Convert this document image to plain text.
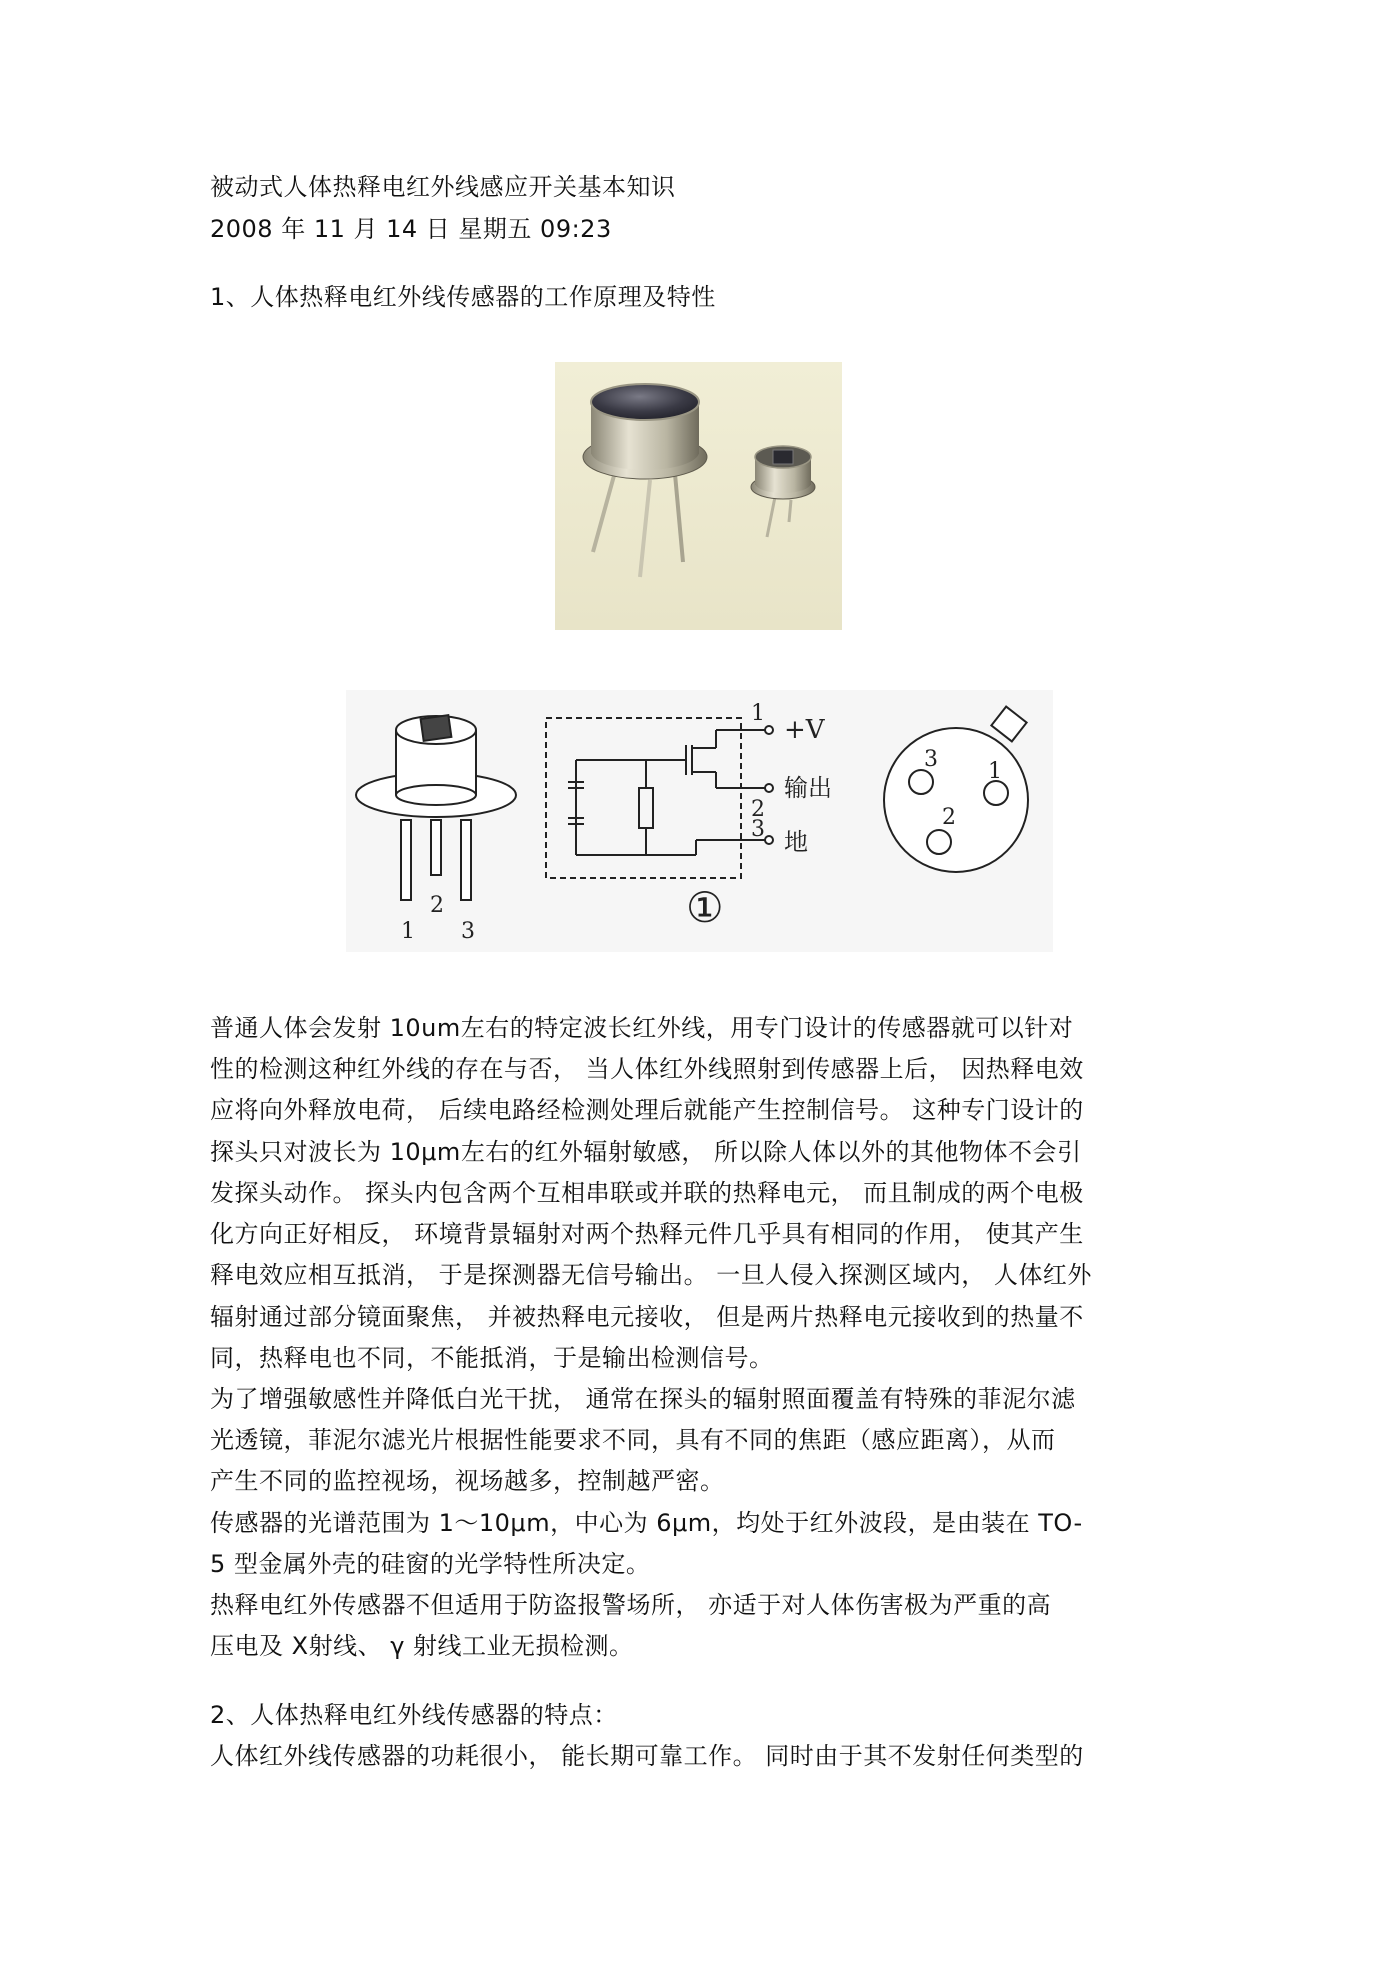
被动式人体热释电红外线感应开关基本知识
2008 年 11 月 14 日 星期五 09:23
1、人体热释电红外线传感器的工作原理及特性
1
2
3
1
2
3
+V
输出
地
①
3 1
2
普通人体会发射 10um左右的特定波长红外线，用专门设计的传感器就可以针对
性的检测这种红外线的存在与否， 当人体红外线照射到传感器上后， 因热释电效
应将向外释放电荷， 后续电路经检测处理后就能产生控制信号。 这种专门设计的
探头只对波长为 10μm左右的红外辐射敏感， 所以除人体以外的其他物体不会引
发探头动作。 探头内包含两个互相串联或并联的热释电元， 而且制成的两个电极
化方向正好相反， 环境背景辐射对两个热释元件几乎具有相同的作用， 使其产生
释电效应相互抵消， 于是探测器无信号输出。 一旦人侵入探测区域内， 人体红外
辐射通过部分镜面聚焦， 并被热释电元接收， 但是两片热释电元接收到的热量不
同，热释电也不同，不能抵消，于是输出检测信号。
为了增强敏感性并降低白光干扰， 通常在探头的辐射照面覆盖有特殊的菲泥尔滤
光透镜，菲泥尔滤光片根据性能要求不同，具有不同的焦距（感应距离），从而
产生不同的监控视场，视场越多，控制越严密。
传感器的光谱范围为 1～10μm，中心为 6μm，均处于红外波段，是由装在 TO-
5 型金属外壳的硅窗的光学特性所决定。
热释电红外传感器不但适用于防盗报警场所， 亦适于对人体伤害极为严重的高
压电及 X射线、 γ 射线工业无损检测。
2、人体热释电红外线传感器的特点：
人体红外线传感器的功耗很小， 能长期可靠工作。 同时由于其不发射任何类型的
